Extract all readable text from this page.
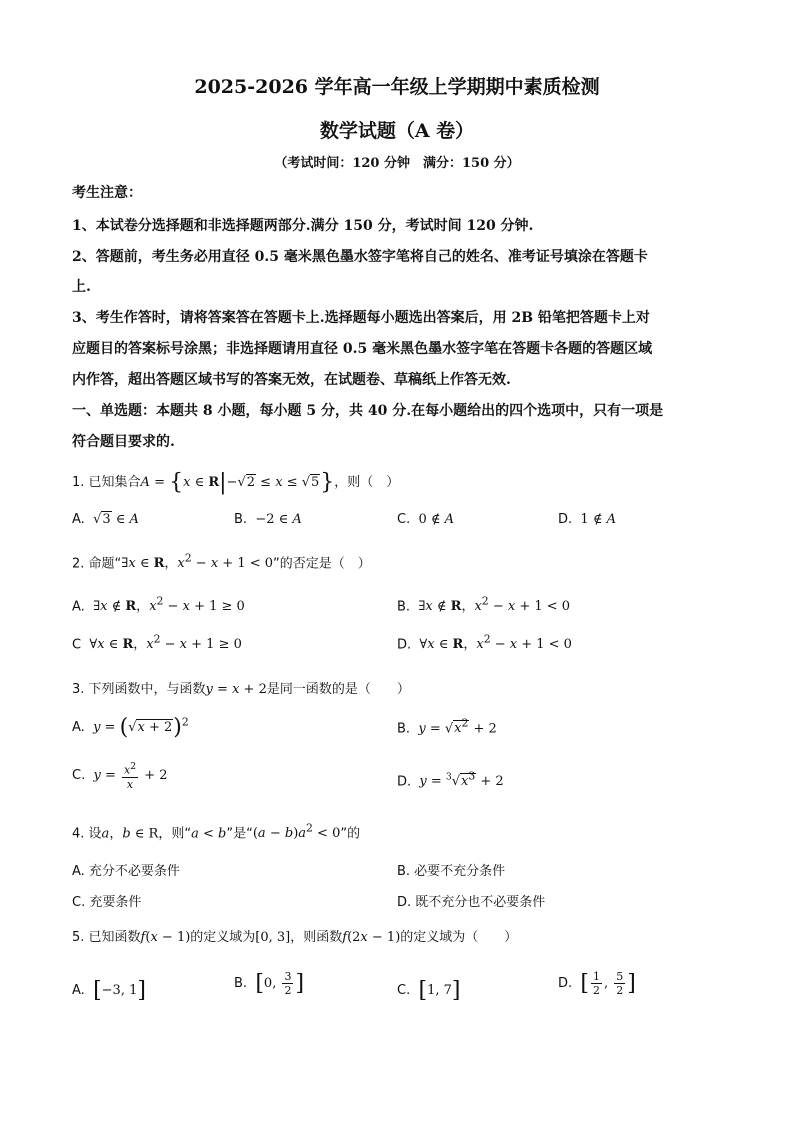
2025-2026 学年高一年级上学期期中素质检测
数学试题（A 卷）
（考试时间：120 分钟　满分：150 分）
考生注意：
1、本试卷分选择题和非选择题两部分.满分 150 分，考试时间 120 分钟.
2、答题前，考生务必用直径 0.5 毫米黑色墨水签字笔将自己的姓名、准考证号填涂在答题卡
上.
3、考生作答时，请将答案答在答题卡上.选择题每小题选出答案后，用 2B 铅笔把答题卡上对
应题目的答案标号涂黑；非选择题请用直径 0.5 毫米黑色墨水签字笔在答题卡各题的答题区域
内作答，超出答题区域书写的答案无效，在试题卷、草稿纸上作答无效.
一、单选题：本题共 8 小题，每小题 5 分，共 40 分.在每小题给出的四个选项中，只有一项是
符合题目要求的.
1. 已知集合A = {x ∈ R|−√2 ≤ x ≤ √5}，则（　）
A. √3 ∈ A	B. −2 ∈ A	C. 0 ∉ A	D. 1 ∉ A
2. 命题“∃x ∈ R，$x^2 - x + 1 < 0$”的否定是（　）
A. ∃x ∉ R，$x^2 - x + 1 \ge 0$	B. ∃x ∉ R，$x^2 - x + 1 < 0$
C ∀x ∈ R，$x^2 - x + 1 \ge 0$	D. ∀x ∈ R，$x^2 - x + 1 < 0$
3. 下列函数中，与函数y = x + 2是同一函数的是（　　）
A. $y = (√x + 2)^2$	B. $y = √x^2 + 2$
C. $y = \frac{x^2}{x} + 2$	D. $y = ^3√x^3 + 2$
4. 设a，b ∈ R，则“a < b”是“$(a - b)a^2 < 0$”的
A. 充分不必要条件	B. 必要不充分条件
C. 充要条件	D. 既不充分也不必要条件
5. 已知函数f(x − 1)的定义域为[0, 3]，则函数f(2x − 1)的定义域为（　　）
A. [−3, 1]	B. [0, $\frac{3}{2}$ ]	C. [1, 7]	D. [ $\frac{1}{2}$ , $\frac{5}{2}$ ]
